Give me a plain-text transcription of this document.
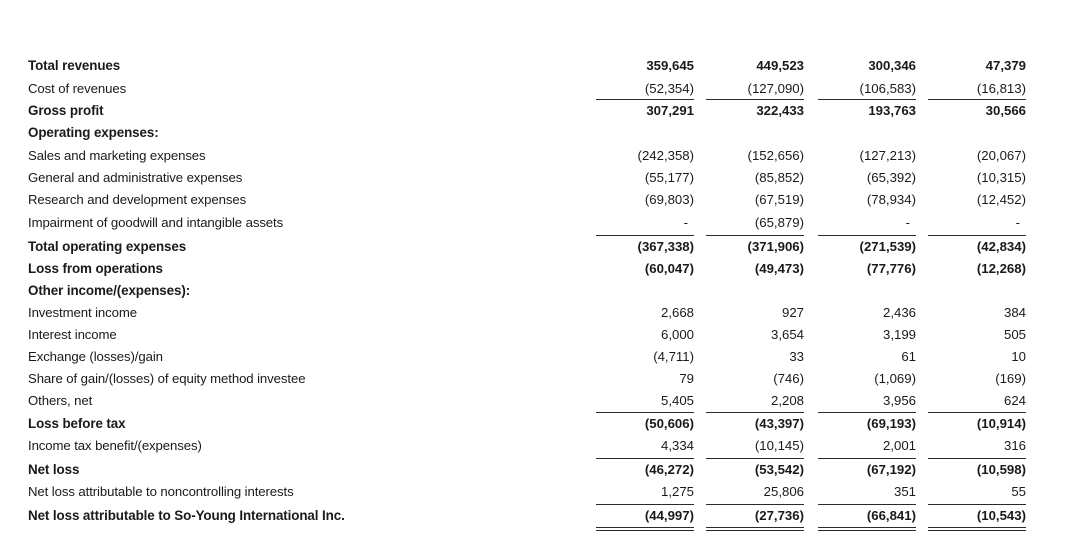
Total revenues	359,645	449,523	300,346	47,379
Cost of revenues	(52,354)	(127,090)	(106,583)	(16,813)
Gross profit	307,291	322,433	193,763	30,566
Operating expenses:
Sales and marketing expenses	(242,358)	(152,656)	(127,213)	(20,067)
General and administrative expenses	(55,177)	(85,852)	(65,392)	(10,315)
Research and development expenses	(69,803)	(67,519)	(78,934)	(12,452)
Impairment of goodwill and intangible assets	-	(65,879)	-	-
Total operating expenses	(367,338)	(371,906)	(271,539)	(42,834)
Loss from operations	(60,047)	(49,473)	(77,776)	(12,268)
Other income/(expenses):
Investment income	2,668	927	2,436	384
Interest income	6,000	3,654	3,199	505
Exchange (losses)/gain	(4,711)	33	61	10
Share of gain/(losses) of equity method investee	79	(746)	(1,069)	(169)
Others, net	5,405	2,208	3,956	624
Loss before tax	(50,606)	(43,397)	(69,193)	(10,914)
Income tax benefit/(expenses)	4,334	(10,145)	2,001	316
Net loss	(46,272)	(53,542)	(67,192)	(10,598)
Net loss attributable to noncontrolling interests	1,275	25,806	351	55
Net loss attributable to So-Young International Inc.	(44,997)	(27,736)	(66,841)	(10,543)
